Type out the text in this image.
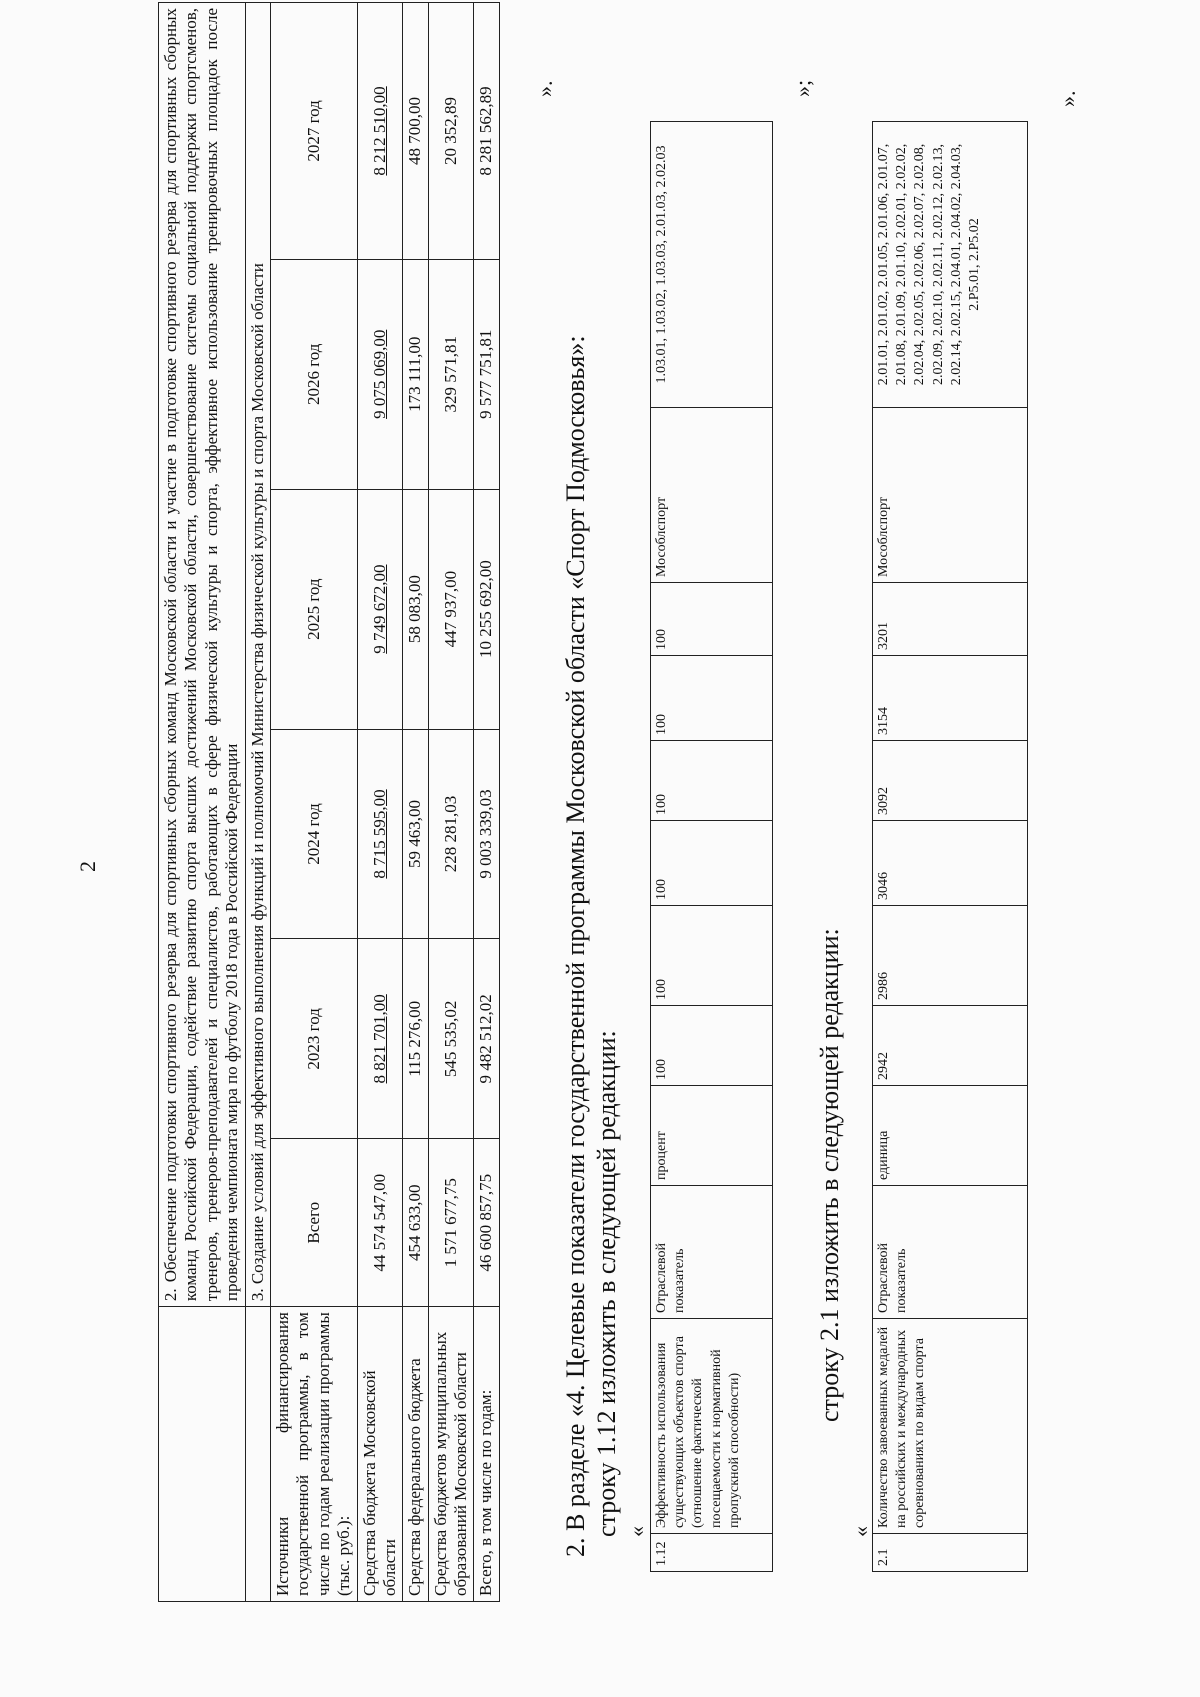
2
		2. Обеспечение подготовки спортивного резерва для спортивных сборных команд Московской области и участие в подготовке спортивного резерва для спортивных сборных команд Российской Федерации, содействие развитию спорта высших достижений Московской области, совершенствование системы социальной поддержки спортсменов, тренеров, тренеров-преподавателей и специалистов, работающих в сфере физической культуры и спорта, эффективное использование тренировочных площадок после проведения чемпионата мира по футболу 2018 года в Российской Федерации					
	3. Создание условий для эффективного выполнения функций и полномочий Министерства физической культуры и спорта Московской области					
Источники финансирования государственной программы, в том числе по годам реализации программы (тыс. руб.):	Всего	2023 год	2024 год	2025 год	2026 год	2027 год
Средства бюджета Московской области	44 574 547,00	8 821 701,00	8 715 595,00	9 749 672,00	9 075 069,00	8 212 510,00
Средства федерального бюджета	454 633,00	115 276,00	59 463,00	58 083,00	173 111,00	48 700,00
Средства бюджетов муниципальных образований Московской области	1 571 677,75	545 535,02	228 281,03	447 937,00	329 571,81	20 352,89
Всего, в том числе по годам:	46 600 857,75	9 482 512,02	9 003 339,03	10 255 692,00	9 577 751,81	8 281 562,89 ».
2. В разделе «4. Целевые показатели государственной программы Московской области «Спорт Подмосковья»: строку 1.12 изложить в следующей редакции: «
1.12	Эффективность использования существующих объектов спорта (отношение фактической посещаемости к нормативной пропускной способности)	Отраслевой показатель	процент	100	100	100	100	100	100	Мособлспорт	1.03.01, 1.03.02, 1.03.03, 2.01.03, 2.02.03
»;
строку 2.1 изложить в следующей редакции:
«
2.1	Количество завоеванных медалей на российских и международных соревнованиях по видам спорта	Отраслевой показатель	единица	2942	2986	3046	3092	3154	3201	Мособлспорт	2.01.01, 2.01.02, 2.01.05, 2.01.06, 2.01.07, 2.01.08, 2.01.09, 2.01.10, 2.02.01, 2.02.02, 2.02.04, 2.02.05, 2.02.06, 2.02.07, 2.02.08, 2.02.09, 2.02.10, 2.02.11, 2.02.12, 2.02.13, 2.02.14, 2.02.15, 2.04.01, 2.04.02, 2.04.03, 2.P5.01, 2.P5.02
».
